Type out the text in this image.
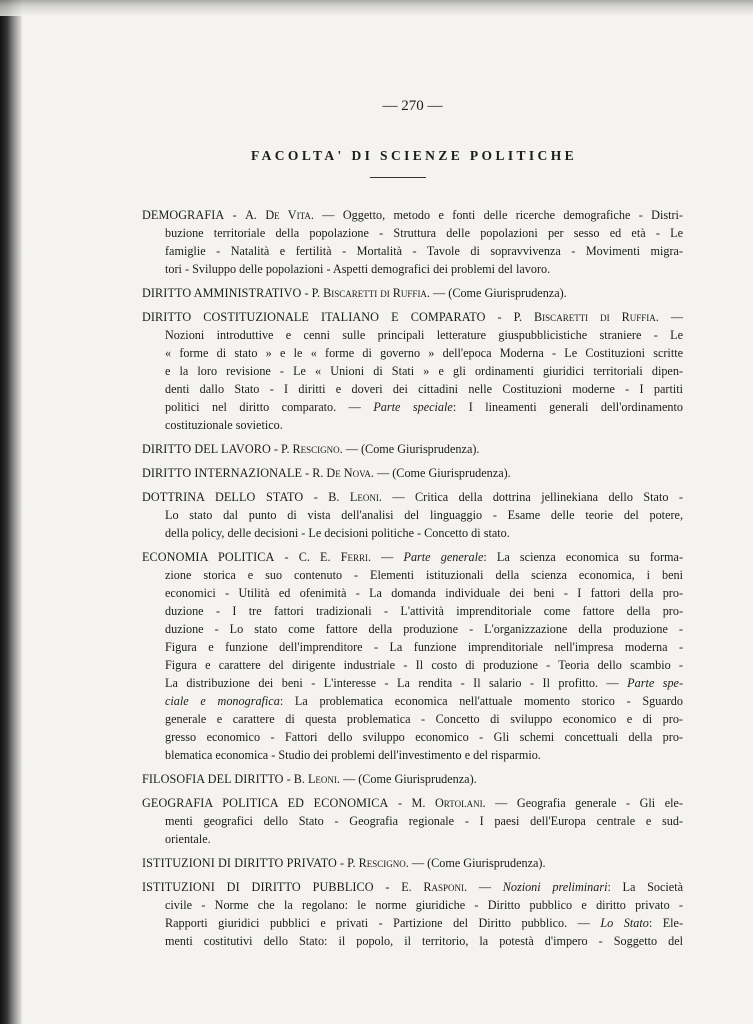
— 270 —
FACOLTA' DI SCIENZE POLITICHE
DEMOGRAFIA - A. De Vita. — Oggetto, metodo e fonti delle ricerche demografiche - Distri-
buzione territoriale della popolazione - Struttura delle popolazioni per sesso ed età - Le
famiglie - Natalità e fertilità - Mortalità - Tavole di sopravvivenza - Movimenti migra-
tori - Sviluppo delle popolazioni - Aspetti demografici dei problemi del lavoro.
DIRITTO AMMINISTRATIVO - P. Biscaretti di Ruffia. — (Come Giurisprudenza).
DIRITTO COSTITUZIONALE ITALIANO E COMPARATO - P. Biscaretti di Ruffia. —
Nozioni introduttive e cenni sulle principali letterature giuspubblicistiche straniere - Le
« forme di stato » e le « forme di governo » dell'epoca Moderna - Le Costituzioni scritte
e la loro revisione - Le « Unioni di Stati » e gli ordinamenti giuridici territoriali dipen-
denti dallo Stato - I diritti e doveri dei cittadini nelle Costituzioni moderne - I partiti
politici nel diritto comparato. — Parte speciale: I lineamenti generali dell'ordinamento
costituzionale sovietico.
DIRITTO DEL LAVORO - P. Rescigno. — (Come Giurisprudenza).
DIRITTO INTERNAZIONALE - R. De Nova. — (Come Giurisprudenza).
DOTTRINA DELLO STATO - B. Leoni. — Critica della dottrina jellinekiana dello Stato -
Lo stato dal punto di vista dell'analisi del linguaggio - Esame delle teorie del potere,
della policy, delle decisioni - Le decisioni politiche - Concetto di stato.
ECONOMIA POLITICA - C. E. Ferri. — Parte generale: La scienza economica su forma-
zione storica e suo contenuto - Elementi istituzionali della scienza economica, i beni
economici - Utilità ed ofenimità - La domanda individuale dei beni - I fattori della pro-
duzione - I tre fattori tradizionali - L'attività imprenditoriale come fattore della pro-
duzione - Lo stato come fattore della produzione - L'organizzazione della produzione -
Figura e funzione dell'imprenditore - La funzione imprenditoriale nell'impresa moderna -
Figura e carattere del dirigente industriale - Il costo di produzione - Teoria dello scambio -
La distribuzione dei beni - L'interesse - La rendita - Il salario - Il profitto. — Parte spe-
ciale e monografica: La problematica economica nell'attuale momento storico - Sguardo
generale e carattere di questa problematica - Concetto di sviluppo economico e di pro-
gresso economico - Fattori dello sviluppo economico - Gli schemi concettuali della pro-
blematica economica - Studio dei problemi dell'investimento e del risparmio.
FILOSOFIA DEL DIRITTO - B. Leoni. — (Come Giurisprudenza).
GEOGRAFIA POLITICA ED ECONOMICA - M. Ortolani. — Geografia generale - Gli ele-
menti geografici dello Stato - Geografia regionale - I paesi dell'Europa centrale e sud-
orientale.
ISTITUZIONI DI DIRITTO PRIVATO - P. Rescigno. — (Come Giurisprudenza).
ISTITUZIONI DI DIRITTO PUBBLICO - E. Rasponi. — Nozioni preliminari: La Società
civile - Norme che la regolano: le norme giuridiche - Diritto pubblico e diritto privato -
Rapporti giuridici pubblici e privati - Partizione del Diritto pubblico. — Lo Stato: Ele-
menti costitutivi dello Stato: il popolo, il territorio, la potestà d'impero - Soggetto del
